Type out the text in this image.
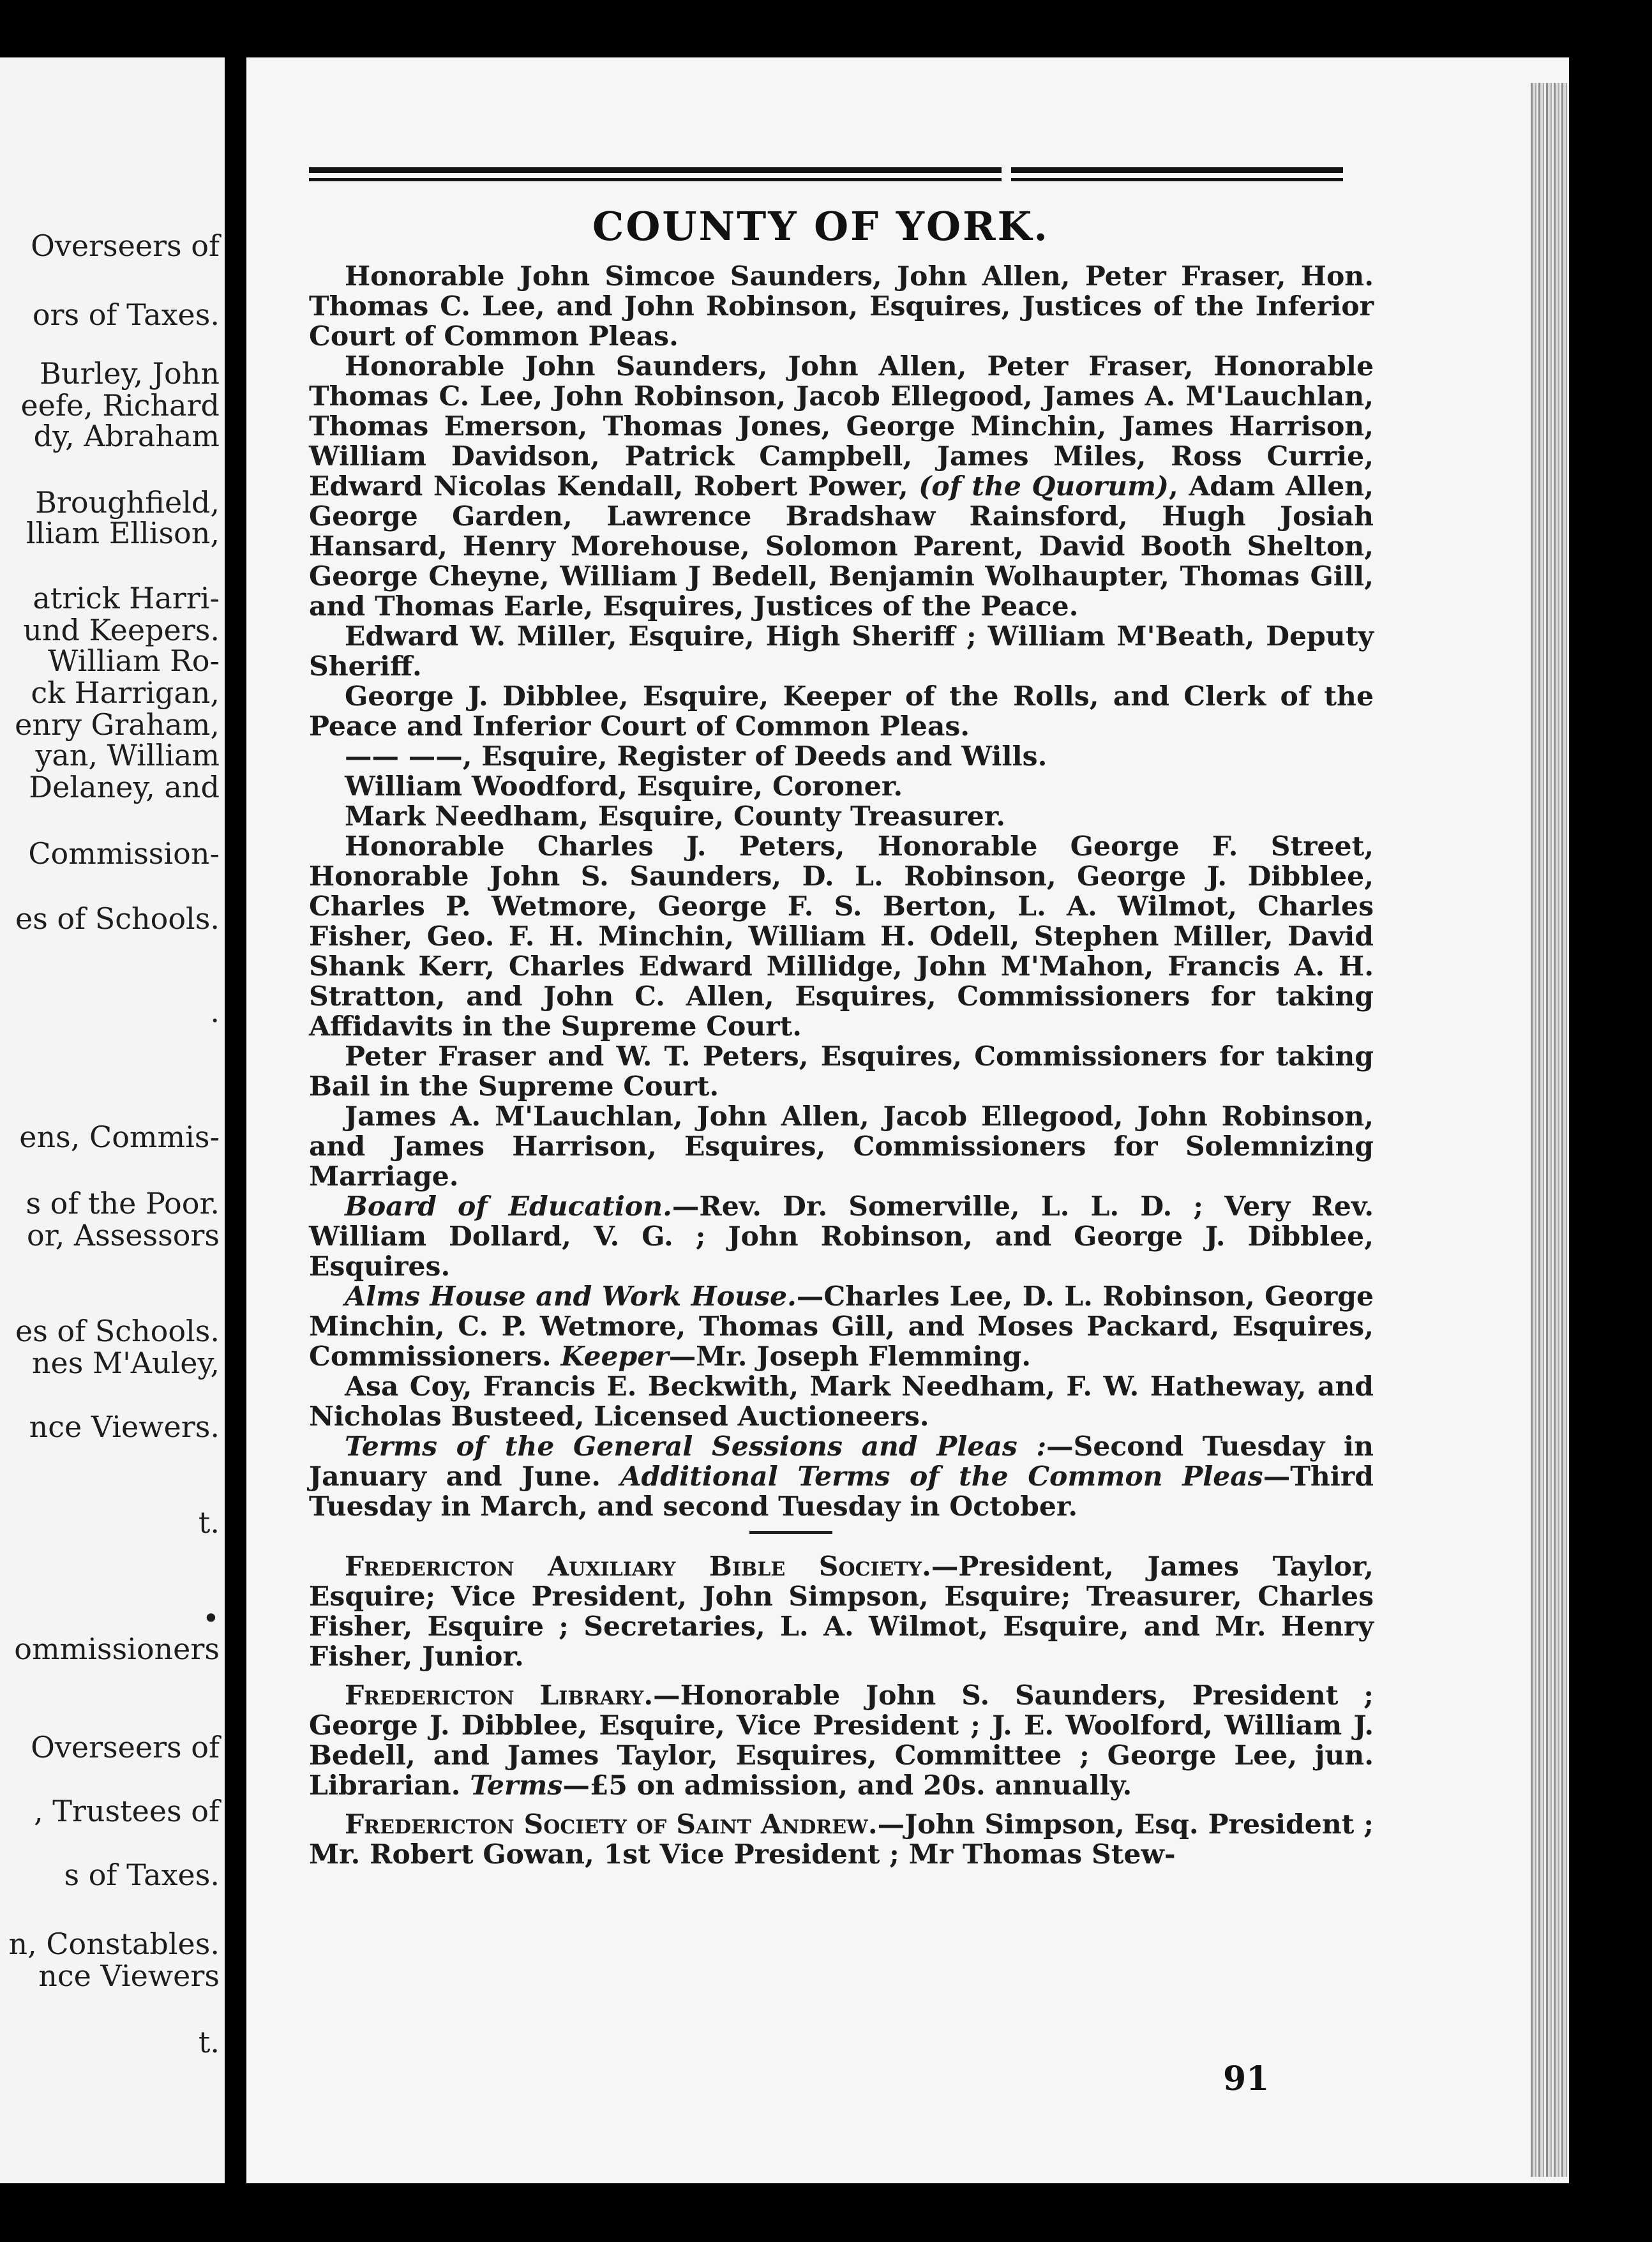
Overseers of
ors of Taxes.
Burley, John
eefe, Richard
dy, Abraham
Broughfield,
lliam Ellison,
atrick Harri-
und Keepers.
William Ro-
ck Harrigan,
enry Graham,
yan, William
Delaney, and
Commission-
es of Schools.
.
ens, Commis-
s of the Poor.
or, Assessors
es of Schools.
nes M'Auley,
nce Viewers.
t.
•
ommissioners
Overseers of
, Trustees of
s of Taxes.
n, Constables.
nce Viewers
t.
COUNTY OF YORK.

Honorable John Simcoe Saunders, John Allen, Peter Fraser, Hon. Thomas C. Lee, and John Robinson, Esquires, Justices of the Inferior Court of Common Pleas.

Honorable John Saunders, John Allen, Peter Fraser, Honorable Thomas C. Lee, John Robinson, Jacob Ellegood, James A. M'Lauchlan, Thomas Emerson, Thomas Jones, George Minchin, James Harrison, William Davidson, Patrick Campbell, James Miles, Ross Currie, Edward Nicolas Kendall, Robert Power, (of the Quorum), Adam Allen, George Garden, Lawrence Bradshaw Rainsford, Hugh Josiah Hansard, Henry Morehouse, Solomon Parent, David Booth Shelton, George Cheyne, William J Bedell, Benjamin Wolhaupter, Thomas Gill, and Thomas Earle, Esquires, Justices of the Peace.

Edward W. Miller, Esquire, High Sheriff ; William M'Beath, Deputy Sheriff.

George J. Dibblee, Esquire, Keeper of the Rolls, and Clerk of the Peace and Inferior Court of Common Pleas.

—— ——, Esquire, Register of Deeds and Wills.

William Woodford, Esquire, Coroner.

Mark Needham, Esquire, County Treasurer.

Honorable Charles J. Peters, Honorable George F. Street, Honorable John S. Saunders, D. L. Robinson, George J. Dibblee, Charles P. Wetmore, George F. S. Berton, L. A. Wilmot, Charles Fisher, Geo. F. H. Minchin, William H. Odell, Stephen Miller, David Shank Kerr, Charles Edward Millidge, John M'Mahon, Francis A. H. Stratton, and John C. Allen, Esquires, Commissioners for taking Affidavits in the Supreme Court.

Peter Fraser and W. T. Peters, Esquires, Commissioners for taking Bail in the Supreme Court.

James A. M'Lauchlan, John Allen, Jacob Ellegood, John Robinson, and James Harrison, Esquires, Commissioners for Solemnizing Marriage.

Board of Education.—Rev. Dr. Somerville, L. L. D. ; Very Rev. William Dollard, V. G. ; John Robinson, and George J. Dibblee, Esquires.

Alms House and Work House.—Charles Lee, D. L. Robinson, George Minchin, C. P. Wetmore, Thomas Gill, and Moses Packard, Esquires, Commissioners. Keeper—Mr. Joseph Flemming.

Asa Coy, Francis E. Beckwith, Mark Needham, F. W. Hatheway, and Nicholas Busteed, Licensed Auctioneers.

Terms of the General Sessions and Pleas :—Second Tuesday in January and June. Additional Terms of the Common Pleas—Third Tuesday in March, and second Tuesday in October.

Fredericton Auxiliary Bible Society.—President, James Taylor, Esquire; Vice President, John Simpson, Esquire; Treasurer, Charles Fisher, Esquire ; Secretaries, L. A. Wilmot, Esquire, and Mr. Henry Fisher, Junior.

Fredericton Library.—Honorable John S. Saunders, President ; George J. Dibblee, Esquire, Vice President ; J. E. Woolford, William J. Bedell, and James Taylor, Esquires, Committee ; George Lee, jun. Librarian. Terms—£5 on admission, and 20s. annually.

Fredericton Society of Saint Andrew.—John Simpson, Esq. President ; Mr. Robert Gowan, 1st Vice President ; Mr Thomas Stew-

91
